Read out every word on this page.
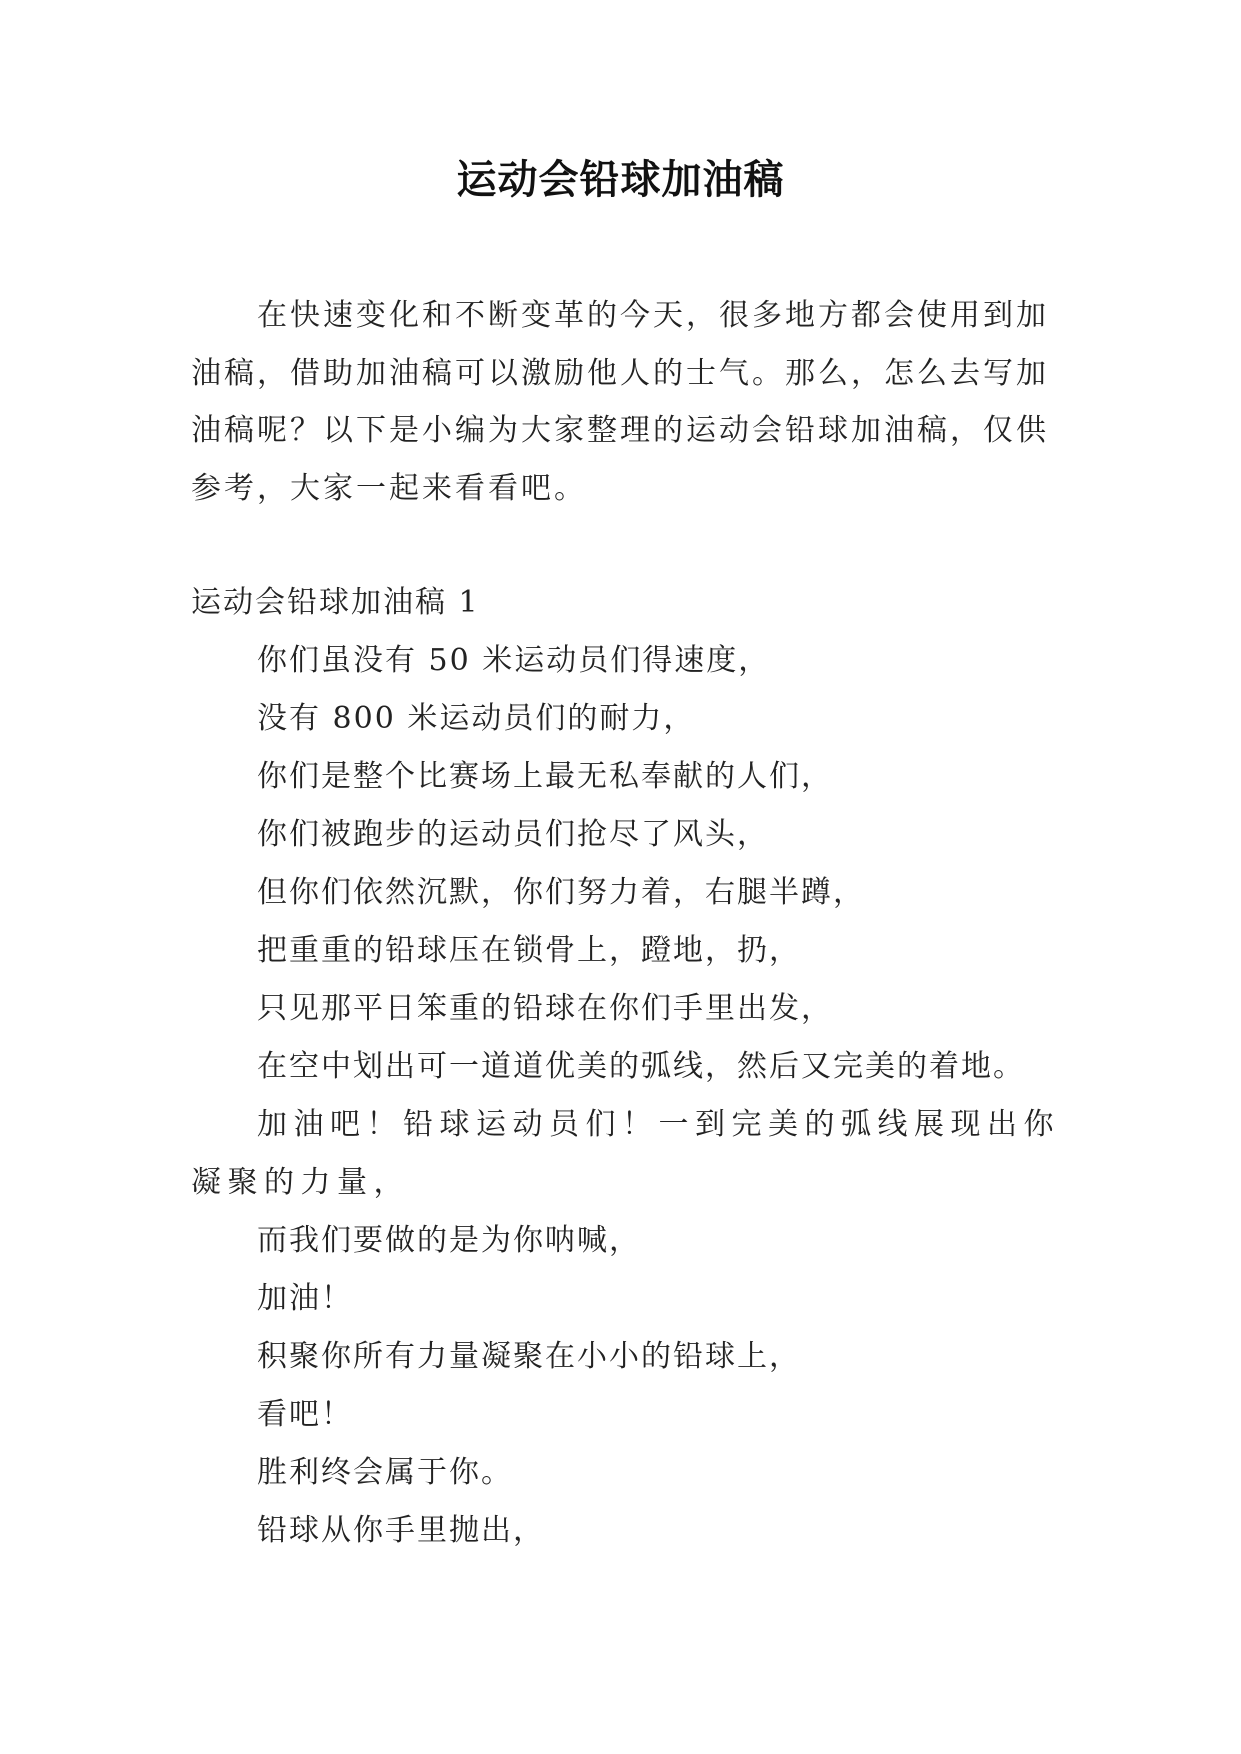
运动会铅球加油稿

在快速变化和不断变革的今天，很多地方都会使用到加油稿，借助加油稿可以激励他人的士气。那么，怎么去写加油稿呢？以下是小编为大家整理的运动会铅球加油稿，仅供参考，大家一起来看看吧。

运动会铅球加油稿 1

你们虽没有 50 米运动员们得速度，

没有 800 米运动员们的耐力，

你们是整个比赛场上最无私奉献的人们，

你们被跑步的运动员们抢尽了风头，

但你们依然沉默，你们努力着，右腿半蹲，

把重重的铅球压在锁骨上，蹬地，扔，

只见那平日笨重的铅球在你们手里出发，

在空中划出可一道道优美的弧线，然后又完美的着地。

加油吧！铅球运动员们！一到完美的弧线展现出你凝聚的力量，

而我们要做的是为你呐喊，

加油！

积聚你所有力量凝聚在小小的铅球上，

看吧！

胜利终会属于你。

铅球从你手里抛出，
